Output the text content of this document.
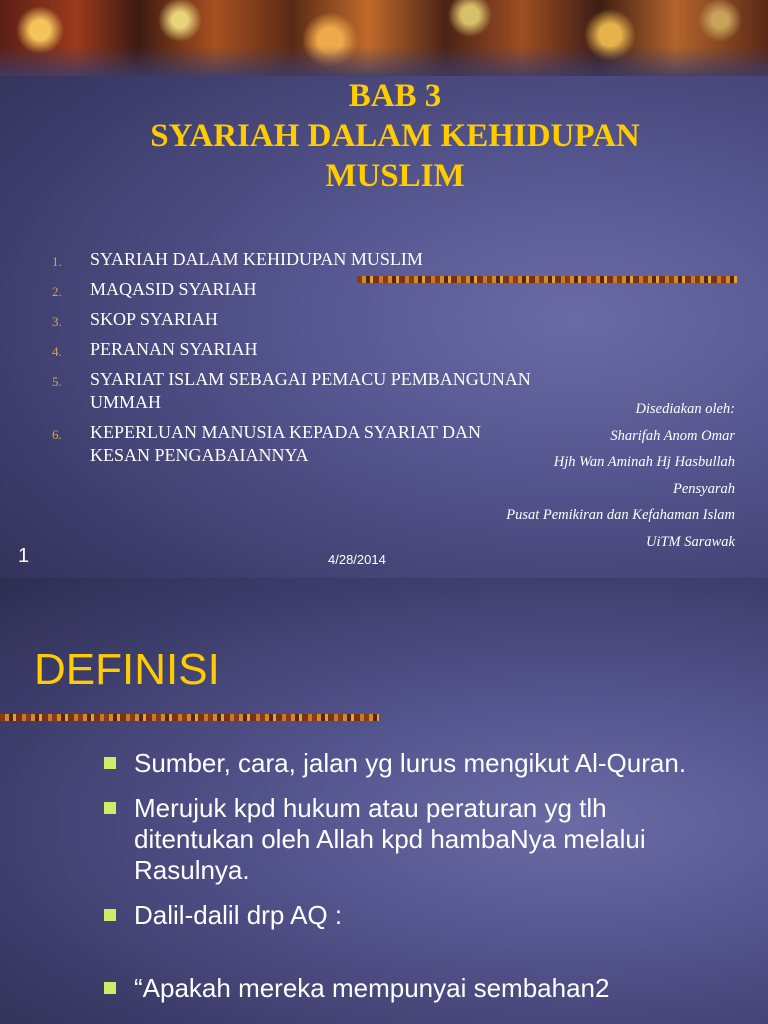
BAB 3
SYARIAH DALAM KEHIDUPAN
MUSLIM
1. SYARIAH DALAM KEHIDUPAN MUSLIM
2. MAQASID SYARIAH
3. SKOP SYARIAH
4. PERANAN SYARIAH
5. SYARIAT ISLAM SEBAGAI PEMACU PEMBANGUNAN UMMAH
6. KEPERLUAN MANUSIA KEPADA SYARIAT DAN KESAN PENGABAIANNYA
Disediakan oleh:
Sharifah Anom Omar
Hjh Wan Aminah Hj Hasbullah
Pensyarah
Pusat Pemikiran dan Kefahaman Islam
UiTM Sarawak
1	4/28/2014
DEFINISI
Sumber, cara, jalan yg lurus mengikut Al-Quran.
Merujuk kpd hukum atau peraturan yg tlh ditentukan oleh Allah kpd hambaNya melalui Rasulnya.
Dalil-dalil drp AQ :
“Apakah mereka mempunyai sembahan2
